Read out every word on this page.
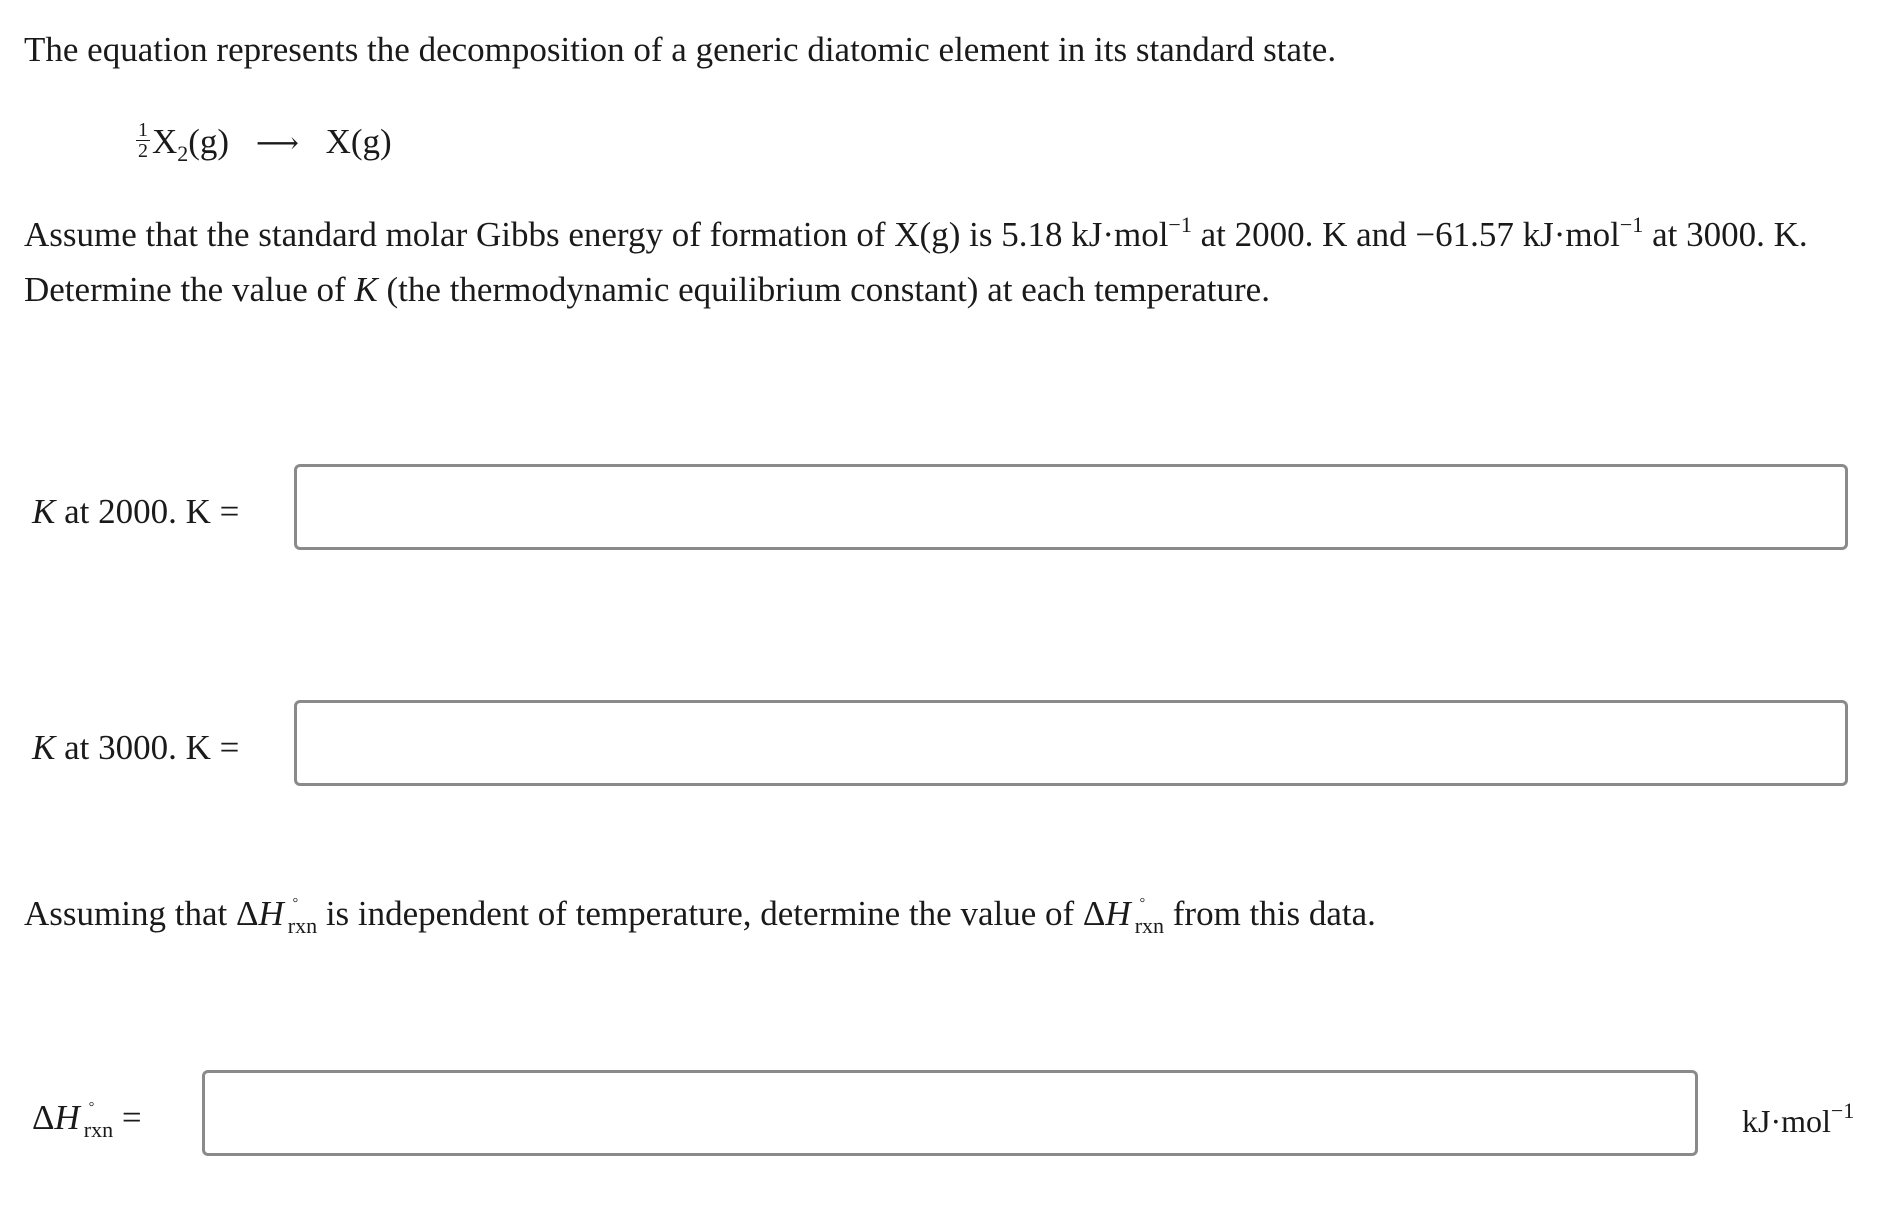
The equation represents the decomposition of a generic diatomic element in its standard state.
$\frac{1}{2} X_2(g)$ ⟶ X(g)
Assume that the standard molar Gibbs energy of formation of X(g) is 5.18 kJ·mol$^{-1}$ at 2000. K and −61.57 kJ·mol$^{-1}$ at 3000. K.
Determine the value of K (the thermodynamic equilibrium constant) at each temperature.
K at 2000. K =
K at 3000. K =
Assuming that ΔH °
$_{rxn}$ is independent of temperature, determine the value of ΔH °
$_{rxn}$ from this data.
ΔH °
$_{rxn}$ =	kJ·mol$^{-1}$
